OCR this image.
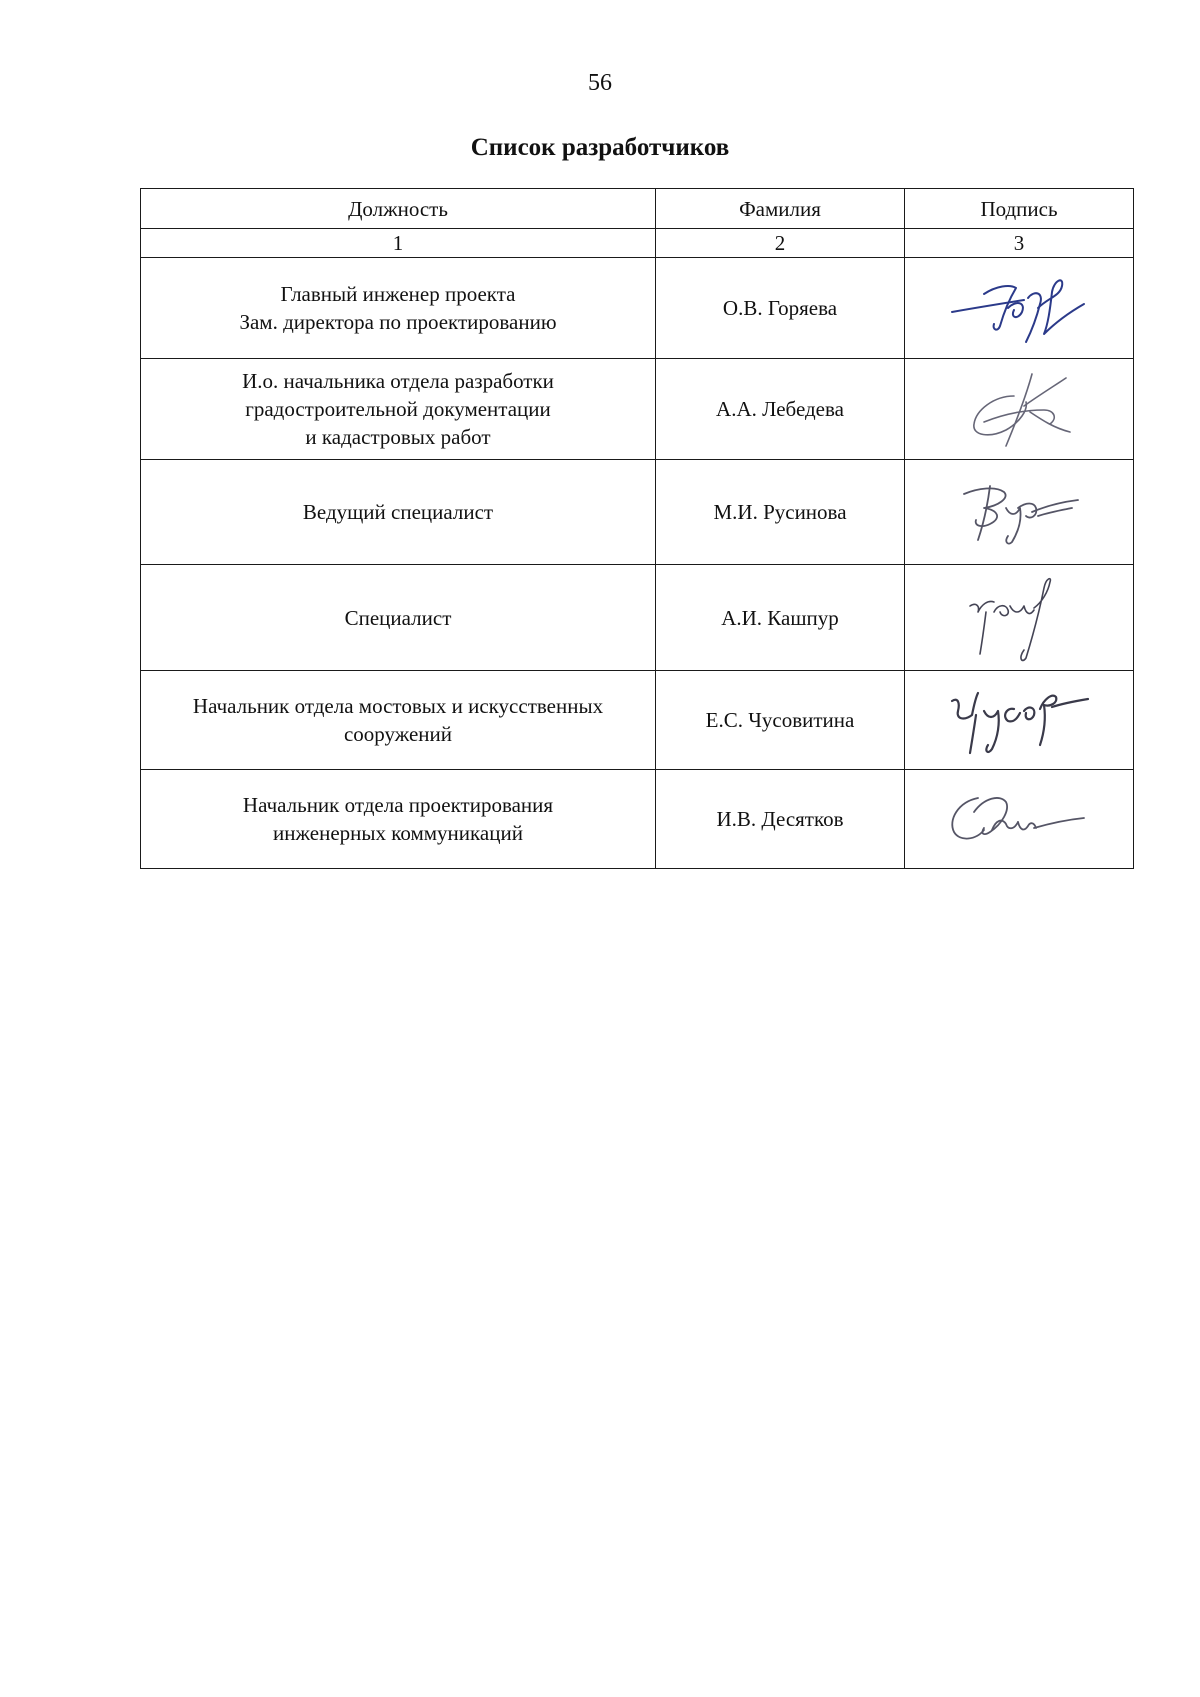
56
Список разработчиков
Должность	Фамилия	Подпись
1	2	3

Главный инженер проекта
Зам. директора по проектированию	О.В. Горяева	

И.о. начальника отдела разработки
градостроительной документации
и кадастровых работ	А.А. Лебедева	

Ведущий специалист	М.И. Русинова	

Специалист	А.И. Кашпур	

Начальник отдела мостовых и искусственных
сооружений	Е.С. Чусовитина	

Начальник отдела проектирования
инженерных коммуникаций	И.В. Десятков	
